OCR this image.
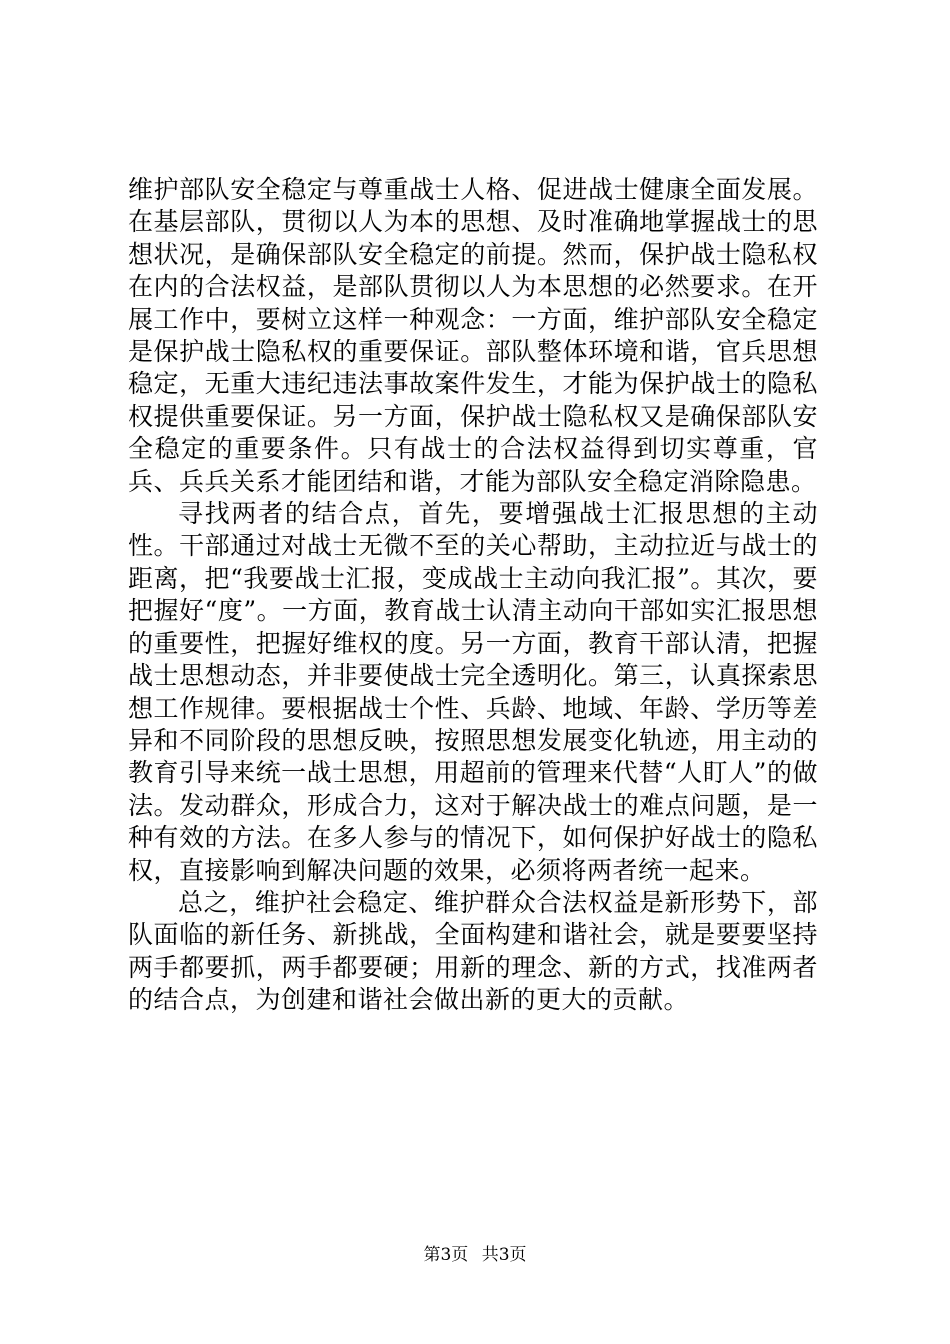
维护部队安全稳定与尊重战士人格、促进战士健康全面发展。在基层部队，贯彻以人为本的思想、及时准确地掌握战士的思想状况，是确保部队安全稳定的前提。然而，保护战士隐私权在内的合法权益，是部队贯彻以人为本思想的必然要求。在开展工作中，要树立这样一种观念：一方面，维护部队安全稳定是保护战士隐私权的重要保证。部队整体环境和谐，官兵思想稳定，无重大违纪违法事故案件发生，才能为保护战士的隐私权提供重要保证。另一方面，保护战士隐私权又是确保部队安全稳定的重要条件。只有战士的合法权益得到切实尊重，官兵、兵兵关系才能团结和谐，才能为部队安全稳定消除隐患。

寻找两者的结合点，首先，要增强战士汇报思想的主动性。干部通过对战士无微不至的关心帮助，主动拉近与战士的距离，把“我要战士汇报，变成战士主动向我汇报”。其次，要把握好“度”。一方面，教育战士认清主动向干部如实汇报思想的重要性，把握好维权的度。另一方面，教育干部认清，把握战士思想动态，并非要使战士完全透明化。第三，认真探索思想工作规律。要根据战士个性、兵龄、地域、年龄、学历等差异和不同阶段的思想反映，按照思想发展变化轨迹，用主动的教育引导来统一战士思想，用超前的管理来代替“人盯人”的做法。发动群众，形成合力，这对于解决战士的难点问题，是一种有效的方法。在多人参与的情况下，如何保护好战士的隐私权，直接影响到解决问题的效果，必须将两者统一起来。

总之，维护社会稳定、维护群众合法权益是新形势下，部队面临的新任务、新挑战，全面构建和谐社会，就是要要坚持两手都要抓，两手都要硬；用新的理念、新的方式，找准两者的结合点，为创建和谐社会做出新的更大的贡献。

第3页 共3页
